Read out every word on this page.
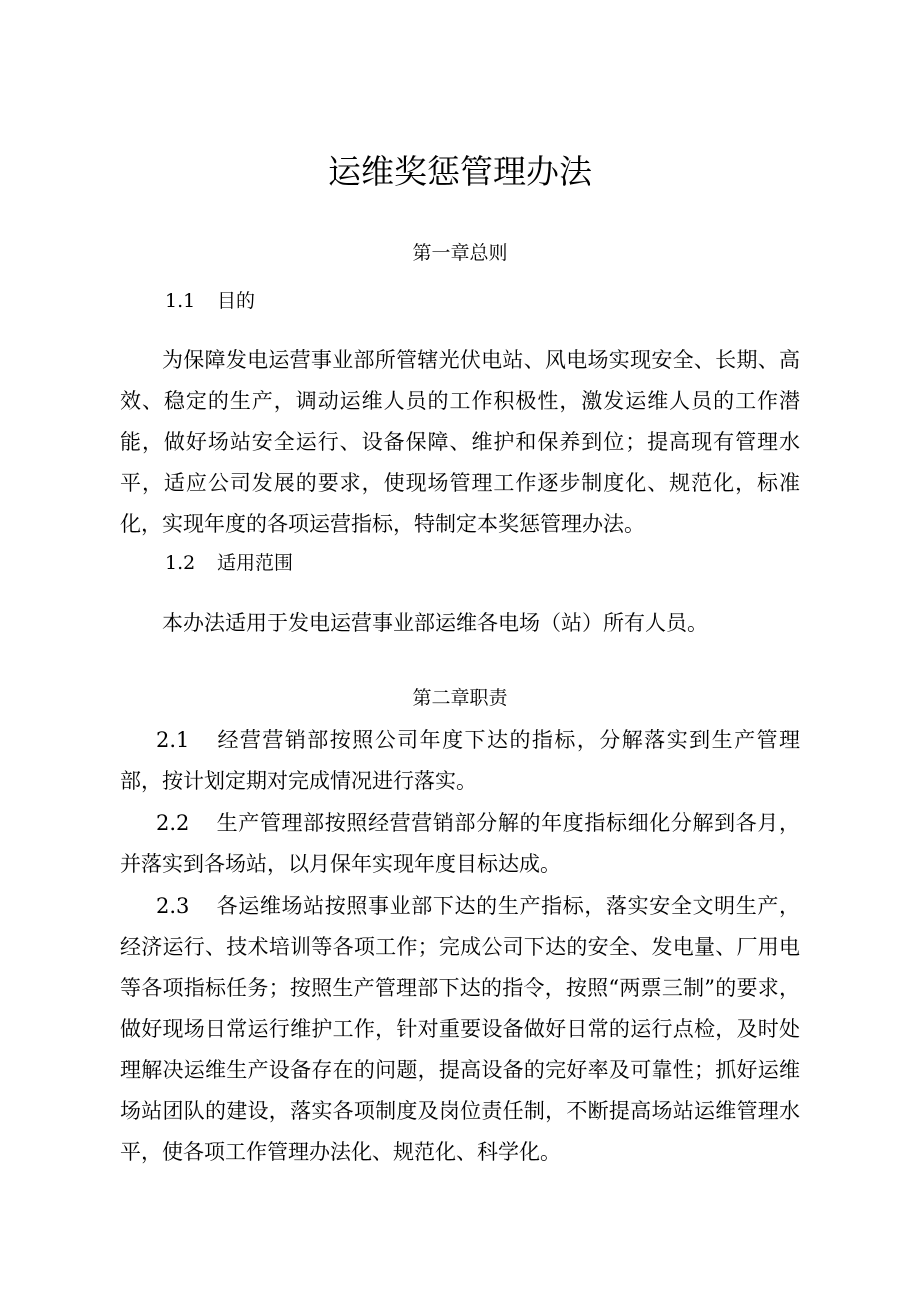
运维奖惩管理办法
第一章总则
1.1 目的

为保障发电运营事业部所管辖光伏电站、风电场实现安全、长期、高效、稳定的生产，调动运维人员的工作积极性，激发运维人员的工作潜能，做好场站安全运行、设备保障、维护和保养到位；提高现有管理水平，适应公司发展的要求，使现场管理工作逐步制度化、规范化，标准化，实现年度的各项运营指标，特制定本奖惩管理办法。

1.2 适用范围

本办法适用于发电运营事业部运维各电场（站）所有人员。

第二章职责

2.1 经营营销部按照公司年度下达的指标，分解落实到生产管理部，按计划定期对完成情况进行落实。

2.2 生产管理部按照经营营销部分解的年度指标细化分解到各月，并落实到各场站，以月保年实现年度目标达成。

2.3 各运维场站按照事业部下达的生产指标，落实安全文明生产，经济运行、技术培训等各项工作；完成公司下达的安全、发电量、厂用电等各项指标任务；按照生产管理部下达的指令，按照“两票三制”的要求，做好现场日常运行维护工作，针对重要设备做好日常的运行点检，及时处理解决运维生产设备存在的问题，提高设备的完好率及可靠性；抓好运维场站团队的建设，落实各项制度及岗位责任制，不断提高场站运维管理水平，使各项工作管理办法化、规范化、科学化。
